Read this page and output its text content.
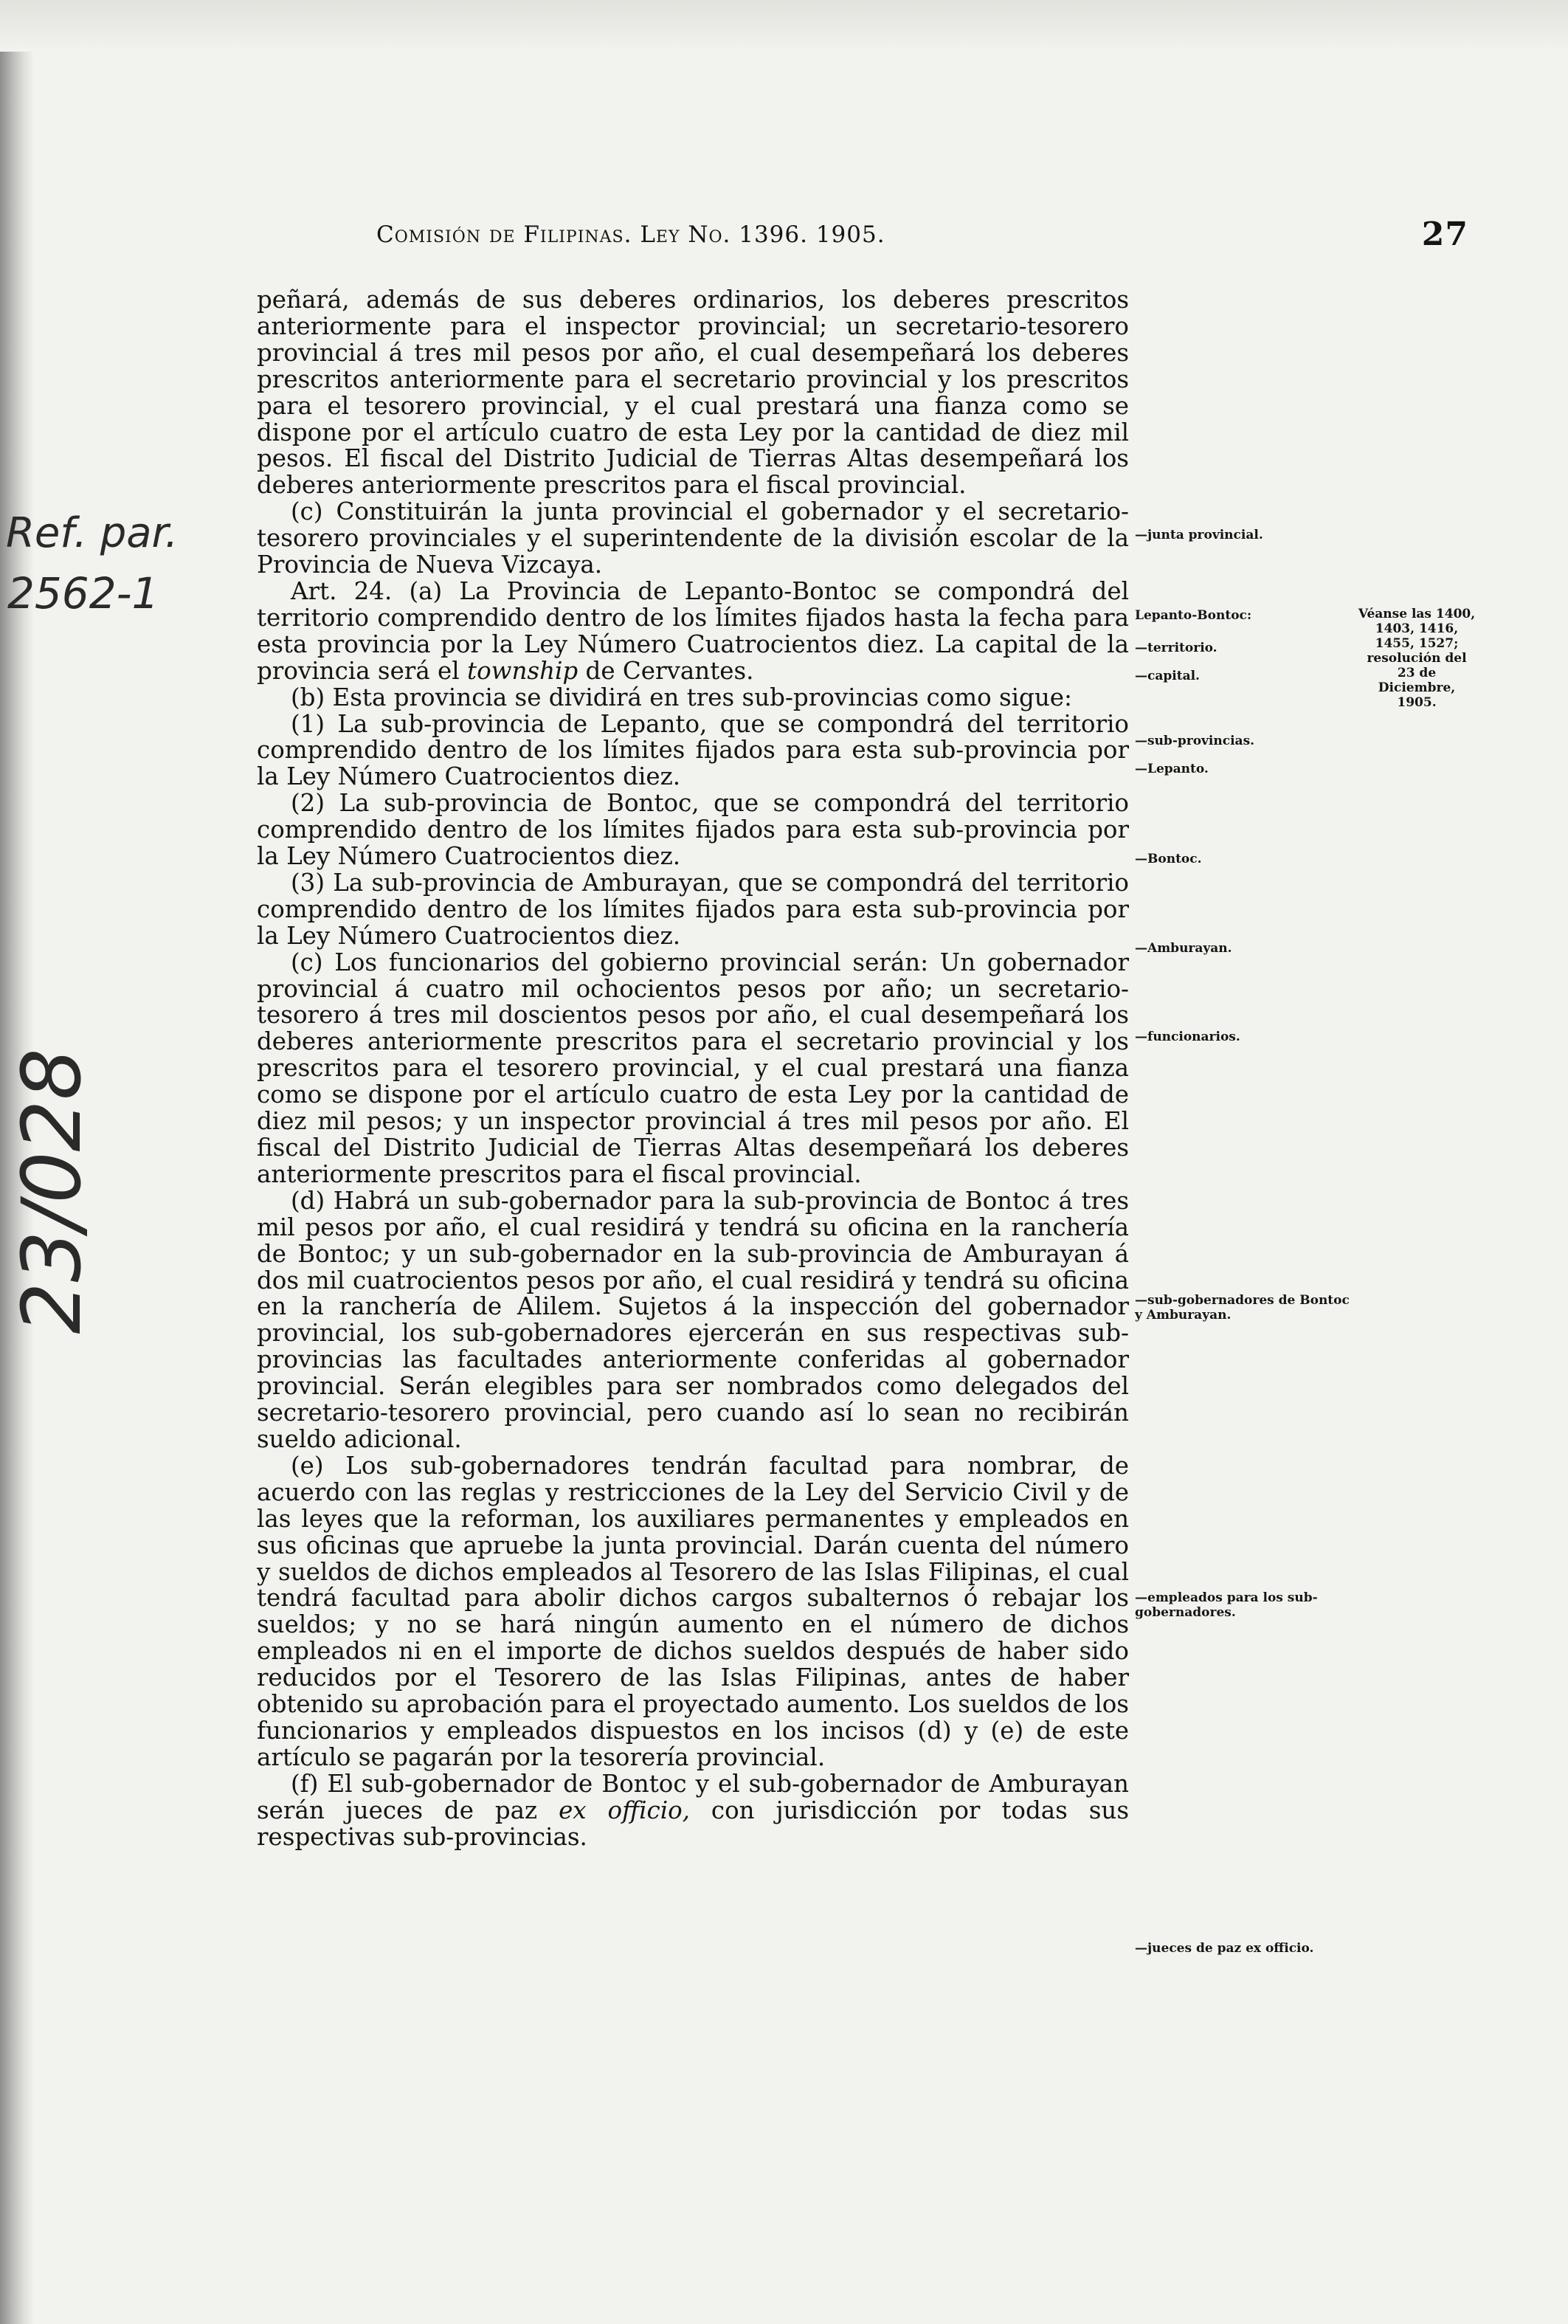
Comisión de Filipinas. Ley No. 1396. 1905.	27

peñará, además de sus deberes ordinarios, los deberes prescritos anteriormente para el inspector provincial; un secretario-tesorero provincial á tres mil pesos por año, el cual desempeñará los deberes prescritos anteriormente para el secretario provincial y los prescritos para el tesorero provincial, y el cual prestará una fianza como se dispone por el artículo cuatro de esta Ley por la cantidad de diez mil pesos. El fiscal del Distrito Judicial de Tierras Altas desempeñará los deberes anteriormente prescritos para el fiscal provincial.

(c) Constituirán la junta provincial el gobernador y el secretario-tesorero provinciales y el superintendente de la división escolar de la Provincia de Nueva Vizcaya.

Art. 24. (a) La Provincia de Lepanto-Bontoc se compondrá del territorio comprendido dentro de los límites fijados hasta la fecha para esta provincia por la Ley Número Cuatrocientos diez. La capital de la provincia será el township de Cervantes.

(b) Esta provincia se dividirá en tres sub-provincias como sigue:

(1) La sub-provincia de Lepanto, que se compondrá del territorio comprendido dentro de los límites fijados para esta sub-provincia por la Ley Número Cuatrocientos diez.

(2) La sub-provincia de Bontoc, que se compondrá del territorio comprendido dentro de los límites fijados para esta sub-provincia por la Ley Número Cuatrocientos diez.

(3) La sub-provincia de Amburayan, que se compondrá del territorio comprendido dentro de los límites fijados para esta sub-provincia por la Ley Número Cuatrocientos diez.

(c) Los funcionarios del gobierno provincial serán: Un gobernador provincial á cuatro mil ochocientos pesos por año; un secretario-tesorero á tres mil doscientos pesos por año, el cual desempeñará los deberes anteriormente prescritos para el secretario provincial y los prescritos para el tesorero provincial, y el cual prestará una fianza como se dispone por el artículo cuatro de esta Ley por la cantidad de diez mil pesos; y un inspector provincial á tres mil pesos por año. El fiscal del Distrito Judicial de Tierras Altas desempeñará los deberes anteriormente prescritos para el fiscal provincial.

(d) Habrá un sub-gobernador para la sub-provincia de Bontoc á tres mil pesos por año, el cual residirá y tendrá su oficina en la ranchería de Bontoc; y un sub-gobernador en la sub-provincia de Amburayan á dos mil cuatrocientos pesos por año, el cual residirá y tendrá su oficina en la ranchería de Alilem. Sujetos á la inspección del gobernador provincial, los sub-gobernadores ejercerán en sus respectivas sub-provincias las facultades anteriormente conferidas al gobernador provincial. Serán elegibles para ser nombrados como delegados del secretario-tesorero provincial, pero cuando así lo sean no recibirán sueldo adicional.

(e) Los sub-gobernadores tendrán facultad para nombrar, de acuerdo con las reglas y restricciones de la Ley del Servicio Civil y de las leyes que la reforman, los auxiliares permanentes y empleados en sus oficinas que apruebe la junta provincial. Darán cuenta del número y sueldos de dichos empleados al Tesorero de las Islas Filipinas, el cual tendrá facultad para abolir dichos cargos subalternos ó rebajar los sueldos; y no se hará ningún aumento en el número de dichos empleados ni en el importe de dichos sueldos después de haber sido reducidos por el Tesorero de las Islas Filipinas, antes de haber obtenido su aprobación para el proyectado aumento. Los sueldos de los funcionarios y empleados dispuestos en los incisos (d) y (e) de este artículo se pagarán por la tesorería provincial.

(f) El sub-gobernador de Bontoc y el sub-gobernador de Amburayan serán jueces de paz ex officio, con jurisdicción por todas sus respectivas sub-provincias.

—junta provincial.
Lepanto-Bontoc:
—territorio.
—capital.
—sub-provincias.
—Lepanto.
—Bontoc.
—Amburayan.
—funcionarios.
—sub-gobernadores de Bontoc y Amburayan.
—empleados para los sub-gobernadores.
—jueces de paz ex officio.
Véanse las 1400, 1403, 1416, 1455, 1527; resolución del 23 de Diciembre, 1905.
Ref. par.
2562-1
23/028
